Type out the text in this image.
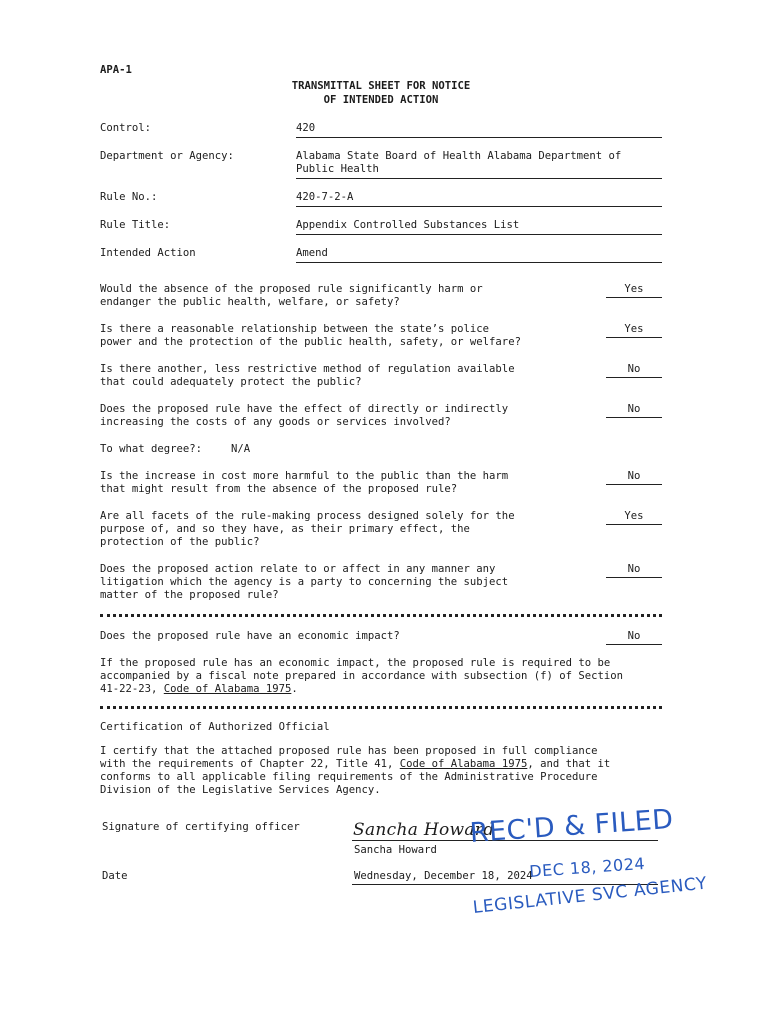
APA-1
TRANSMITTAL SHEET FOR NOTICE
OF INTENDED ACTION
Control:	420
Department or Agency:	Alabama State Board of Health Alabama Department of
Public Health
Rule No.:	420-7-2-A
Rule Title:	Appendix Controlled Substances List
Intended Action	Amend
Would the absence of the proposed rule significantly harm or
endanger the public health, welfare, or safety?
Yes
Is there a reasonable relationship between the state’s police
power and the protection of the public health, safety, or welfare?
Yes
Is there another, less restrictive method of regulation available
that could adequately protect the public?
No
Does the proposed rule have the effect of directly or indirectly
increasing the costs of any goods or services involved?
No
To what degree?:	N/A
Is the increase in cost more harmful to the public than the harm
that might result from the absence of the proposed rule?
No
Are all facets of the rule-making process designed solely for the
purpose of, and so they have, as their primary effect, the
protection of the public?
Yes
Does the proposed action relate to or affect in any manner any
litigation which the agency is a party to concerning the subject
matter of the proposed rule?
No
Does the proposed rule have an economic impact?	No
If the proposed rule has an economic impact, the proposed rule is required to be
accompanied by a fiscal note prepared in accordance with subsection (f) of Section
41-22-23, Code of Alabama 1975.
Certification of Authorized Official
I certify that the attached proposed rule has been proposed in full compliance
with the requirements of Chapter 22, Title 41, Code of Alabama 1975, and that it
conforms to all applicable filing requirements of the Administrative Procedure
Division of the Legislative Services Agency.
Signature of certifying officer	Sancha Howard
Sancha Howard
Date	Wednesday, December 18, 2024
REC'D & FILED
DEC 18, 2024
LEGISLATIVE SVC AGENCY
